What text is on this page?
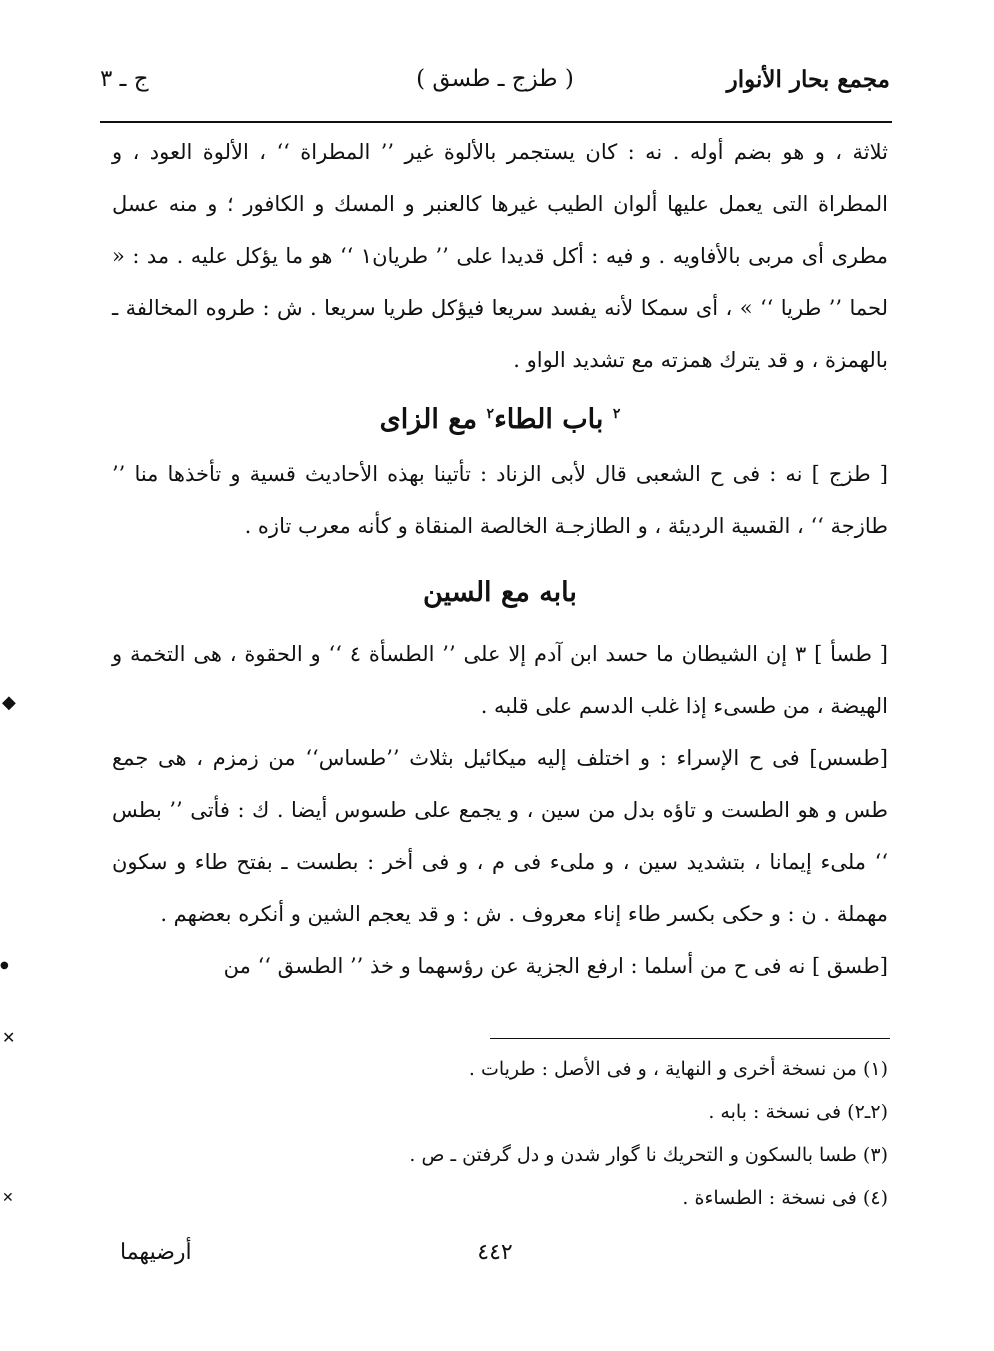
مجمع بحار الأنوار
( طزج ـ طسق )
ج ـ ٣

ثلاثة ، و هو بضم أوله . نه : كان يستجمر بالألوة غير ’’ المطراة ‘‘ ، الألوة العود ، و المطراة التى يعمل عليها ألوان الطيب غيرها كالعنبر و المسك و الكافور ؛ و منه عسل مطرى أى مربى بالأفاويه . و فيه : أكل قديدا على ’’ طريان١ ‘‘ هو ما يؤكل عليه . مد : « لحما ’’ طريا ‘‘ » ، أى سمكا لأنه يفسد سريعا فيؤكل طريا سريعا . ش : طروه المخالفة ـ بالهمزة ، و قد يترك همزته مع تشديد الواو .

$^٢$ باب الطاء$^٢$ مع الزاى

[ طزج ] نه : فى ح الشعبى قال لأبى الزناد : تأتينا بهذه الأحاديث قسية و تأخذها منا ’’ طازجة ‘‘ ، القسية الرديئة ، و الطازجـة الخالصة المنقاة و كأنه معرب تازه .

بابه مع السين

[ طسأ ] ٣ إن الشيطان ما حسد ابن آدم إلا على ’’ الطسأة ٤ ‘‘ و الحقوة ، هى التخمة و الهيضة ، من طسىء إذا غلب الدسم على قلبه .

[طسس] فى ح الإسراء : و اختلف إليه ميكائيل بثلاث ’’طساس‘‘ من زمزم ، هى جمع طس و هو الطست و تاؤه بدل من سين ، و يجمع على طسوس أيضا . ك : فأتى ’’ بطس ‘‘ ملىء إيمانا ، بتشديد سين ، و ملىء فى م ، و فى أخر : بطست ـ بفتح طاء و سكون مهملة . ن : و حكى بكسر طاء إناء معروف . ش : و قد يعجم الشين و أنكره بعضهم .

[طسق ] نه فى ح من أسلما : ارفع الجزية عن رؤسهما و خذ ’’ الطسق ‘‘ من

(١) من نسخة أخرى و النهاية ، و فى الأصل : طريات .
(٢ـ٢) فى نسخة : بابه .
(٣) طسا بالسكون و التحريك نا گوار شدن و دل گرفتن ـ ص .
(٤) فى نسخة : الطساءة .
٤٤٢
أرضيهما
◆
●
✕
✕
